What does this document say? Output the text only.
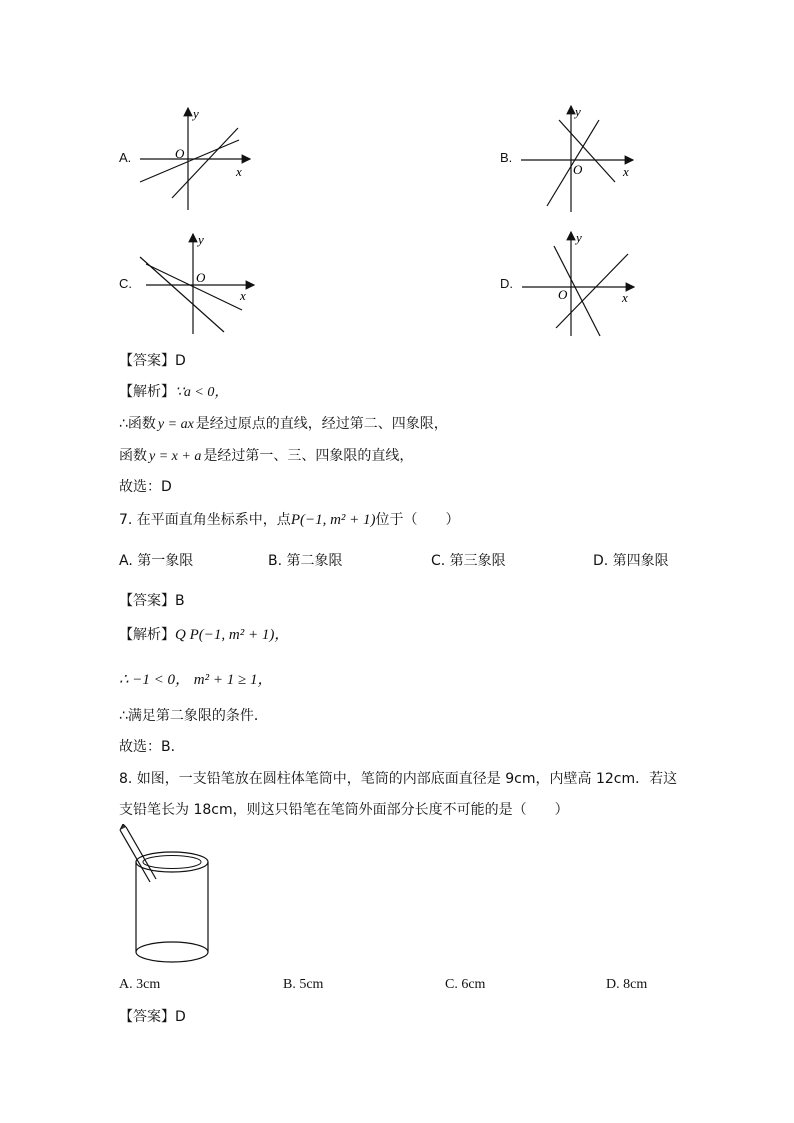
A.
y
x
O	B.
y
x
O
C.
y
x
O	D.
y
x
O
【答案】D
【解析】∵a < 0，
∴函数 y = ax 是经过原点的直线，经过第二、四象限，
函数 y = x + a 是经过第一、三、四象限的直线，
故选：D
7. 在平面直角坐标系中，点P(−1, m² + 1)位于（　　）
A. 第一象限	B. 第二象限	C. 第三象限	D. 第四象限
【答案】B
【解析】Q P(−1, m² + 1)，
∴ −1 < 0， m² + 1 ≥ 1，
∴满足第二象限的条件．
故选：B．
8. 如图，一支铅笔放在圆柱体笔筒中，笔筒的内部底面直径是 9cm，内壁高 12cm．若这
支铅笔长为 18cm，则这只铅笔在笔筒外面部分长度不可能的是（　　）
A. 3cm	B. 5cm	C. 6cm	D. 8cm
【答案】D
